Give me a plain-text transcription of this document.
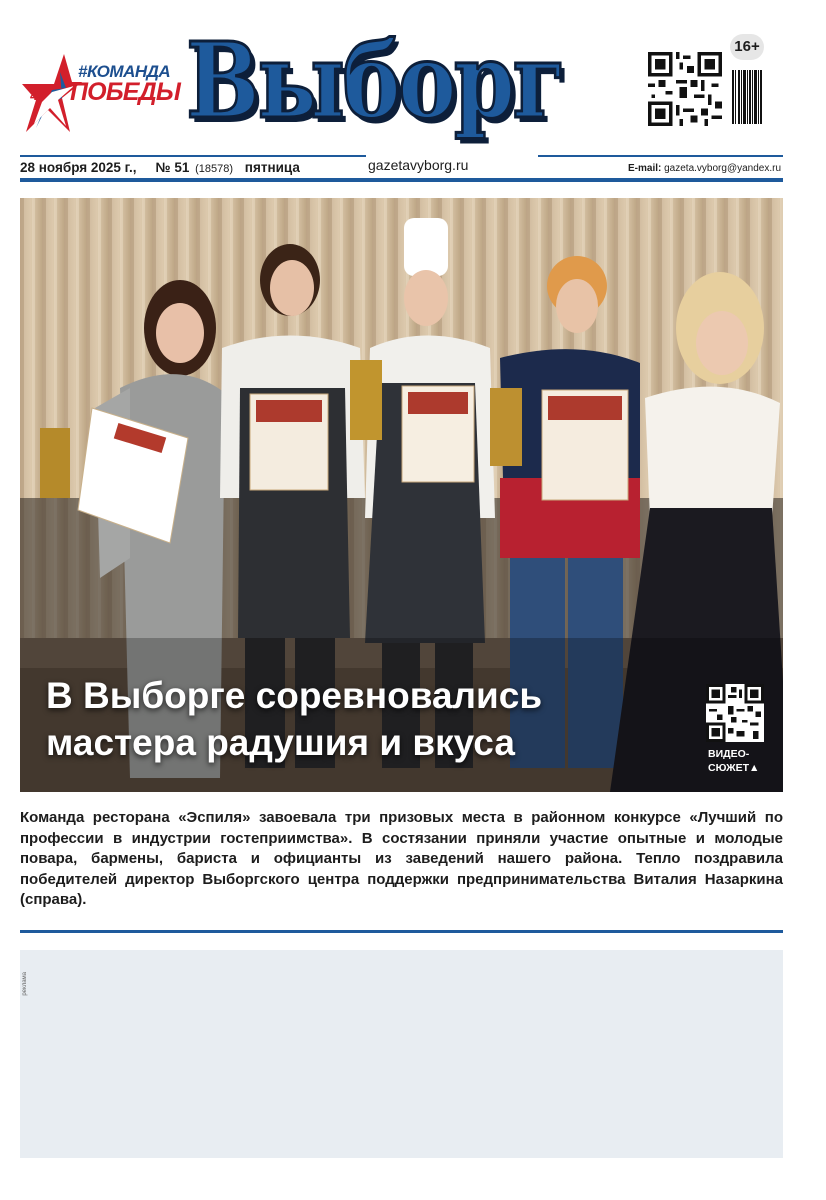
47
#КОМАНДА
ПОБЕДЫ Выборг	16+
28 ноября 2025 г., № 51 (18578) пятница	gazetavyborg.ru	E-mail: gazeta.vyborg@yandex.ru
В Выборге соревновались
мастера радушия и вкуса	ВИДЕО-
СЮЖЕТ▲
Команда ресторана «Эспиля» завоевала три призовых места в районном конкурсе «Лучший по профессии в индустрии гостеприимства». В состязании приняли участие опытные и молодые повара, бармены, бариста и официанты из заведений нашего района. Тепло поздравила победителей директор Выборгского центра поддержки предпринимательства Виталия Назаркина (справа).
реклама
